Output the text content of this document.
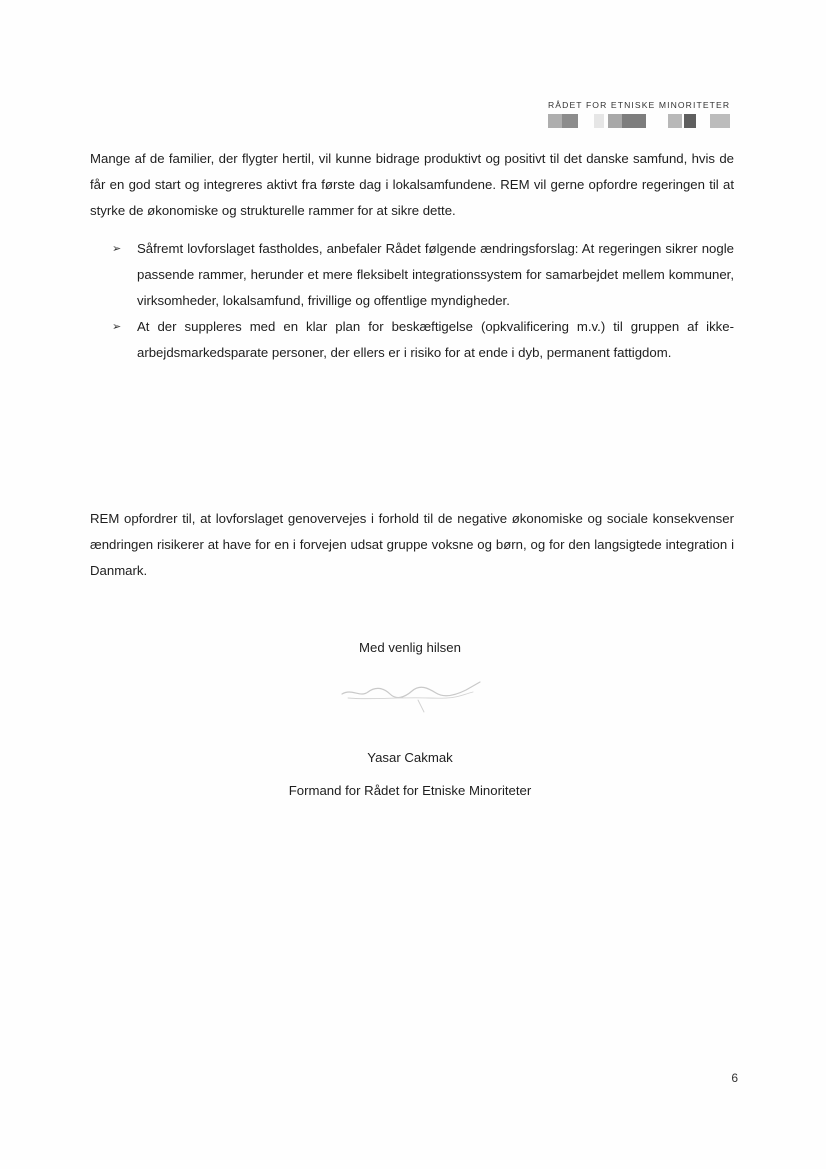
RÅDET FOR ETNISKE MINORITETER

Mange af de familier, der flygter hertil, vil kunne bidrage produktivt og positivt til det danske samfund, hvis de får en god start og integreres aktivt fra første dag i lokalsamfundene. REM vil gerne opfordre regeringen til at styrke de økonomiske og strukturelle rammer for at sikre dette.

➢ Såfremt lovforslaget fastholdes, anbefaler Rådet følgende ændringsforslag: At regeringen sikrer nogle passende rammer, herunder et mere fleksibelt integrationssystem for samarbejdet mellem kommuner, virksomheder, lokalsamfund, frivillige og offentlige myndigheder.
➢ At der suppleres med en klar plan for beskæftigelse (opkvalificering m.v.) til gruppen af ikke-arbejdsmarkedsparate personer, der ellers er i risiko for at ende i dyb, permanent fattigdom.

REM opfordrer til, at lovforslaget genovervejes i forhold til de negative økonomiske og sociale konsekvenser ændringen risikerer at have for en i forvejen udsat gruppe voksne og børn, og for den langsigtede integration i Danmark.

Med venlig hilsen

Yasar Cakmak

Formand for Rådet for Etniske Minoriteter

6
